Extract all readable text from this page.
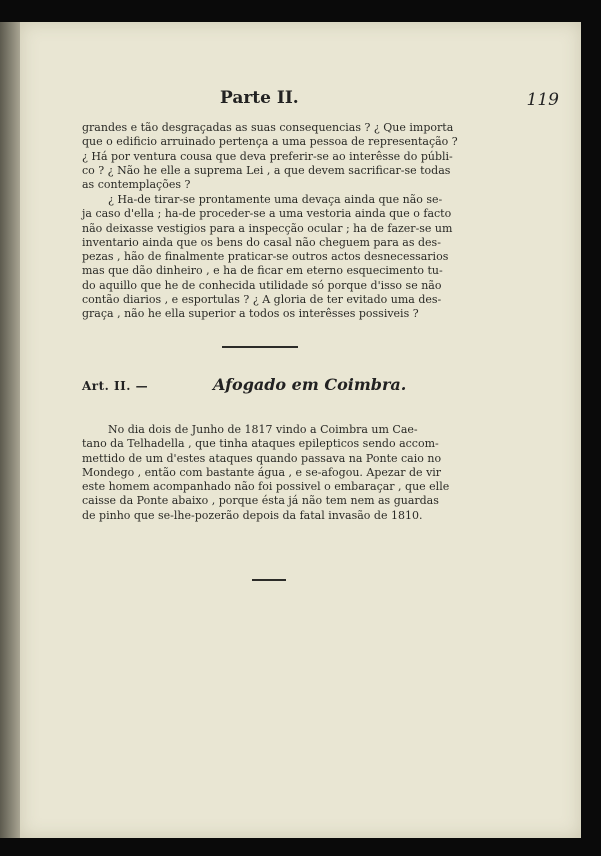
Parte II.	119
grandes e tão desgraçadas as suas consequencias ? ¿ Que importa
que o edificio arruinado pertença a uma pessoa de representação ?
¿ Há por ventura cousa que deva preferir-se ao interêsse do públi-
co ? ¿ Não he elle a suprema Lei , a que devem sacrificar-se todas
as contemplações ?
¿ Ha-de tirar-se prontamente uma devaça ainda que não se-
ja caso d'ella ; ha-de proceder-se a uma vestoria ainda que o facto
não deixasse vestigios para a inspecção ocular ; ha de fazer-se um
inventario ainda que os bens do casal não cheguem para as des-
pezas , hão de finalmente praticar-se outros actos desnecessarios
mas que dão dinheiro , e ha de ficar em eterno esquecimento tu-
do aquillo que he de conhecida utilidade só porque d'isso se não
contão diarios , e esportulas ? ¿ A gloria de ter evitado uma des-
graça , não he ella superior a todos os interêsses possiveis ?
Art. II. —	Afogado em Coimbra.
No dia dois de Junho de 1817 vindo a Coimbra um Cae-
tano da Telhadella , que tinha ataques epilepticos sendo accom-
mettido de um d'estes ataques quando passava na Ponte caio no
Mondego , então com bastante água , e se-afogou. Apezar de vir
este homem acompanhado não foi possivel o embaraçar , que elle
caisse da Ponte abaixo , porque ésta já não tem nem as guardas
de pinho que se-lhe-pozerão depois da fatal invasão de 1810.
